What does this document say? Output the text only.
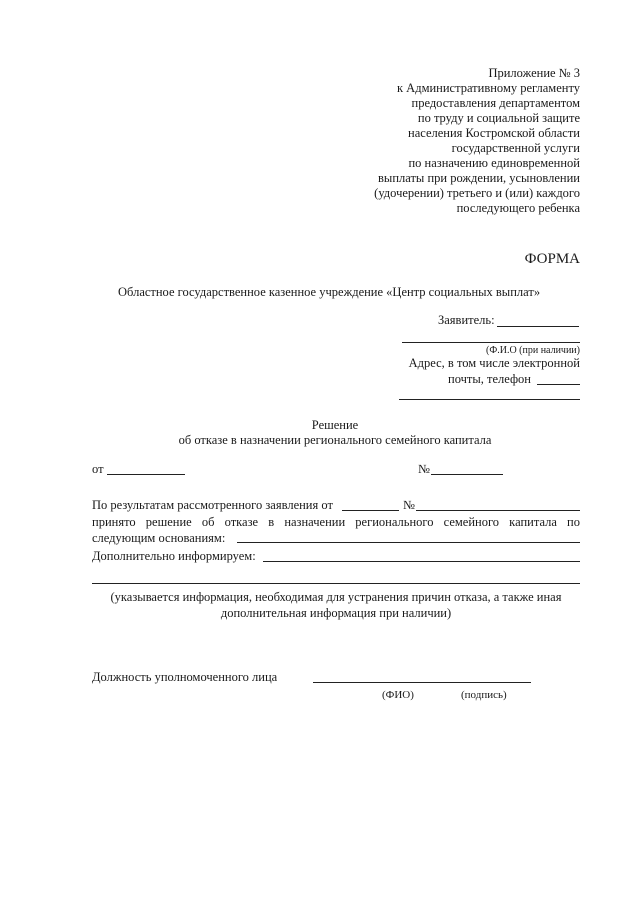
Приложение № 3
к Административному регламенту
предоставления департаментом
по труду и социальной защите
населения Костромской области
государственной услуги
по назначению единовременной
выплаты при рождении, усыновлении
(удочерении) третьего и (или) каждого
последующего ребенка
ФОРМА
Областное государственное казенное учреждение «Центр социальных выплат»
Заявитель:
(Ф.И.О (при наличии)
Адрес, в том числе электронной
почты, телефон
Решение
об отказе в назначении регионального семейного капитала
от	№
По результатам рассмотренного заявления от	№
принято решение об отказе в назначении регионального семейного капитала по
следующим основаниям:
Дополнительно информируем:
(указывается информация, необходимая для устранения причин отказа, а также иная
дополнительная информация при наличии)
Должность уполномоченного лица
(ФИО)	(подпись)
